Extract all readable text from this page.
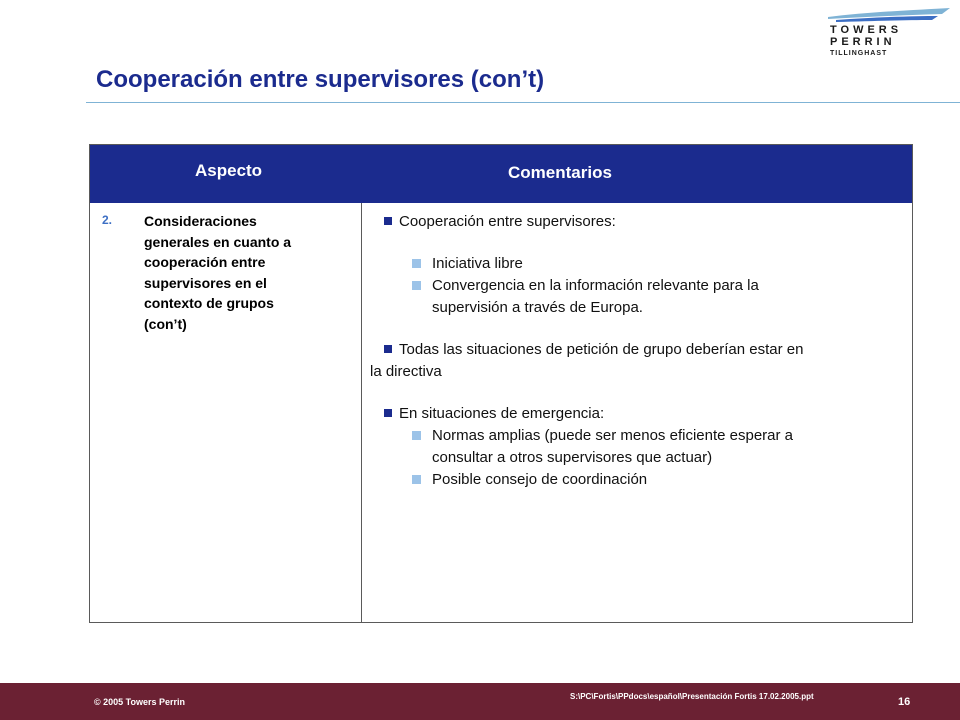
TOWERS
PERRIN
TILLINGHAST
Cooperación entre supervisores (con’t)
Aspecto	Comentarios
2. Consideraciones
generales en cuanto a
cooperación entre
supervisores en el
contexto de grupos
(con’t)
Cooperación entre supervisores:
Iniciativa libre
Convergencia en la información relevante para la
supervisión a través de Europa.
Todas las situaciones de petición de grupo deberían estar en
la directiva
En situaciones de emergencia:
Normas amplias (puede ser menos eficiente esperar a
consultar a otros supervisores que actuar)
Posible consejo de coordinación
© 2005 Towers Perrin
S:\PC\Fortis\PPdocs\español\Presentación Fortis 17.02.2005.ppt	16
